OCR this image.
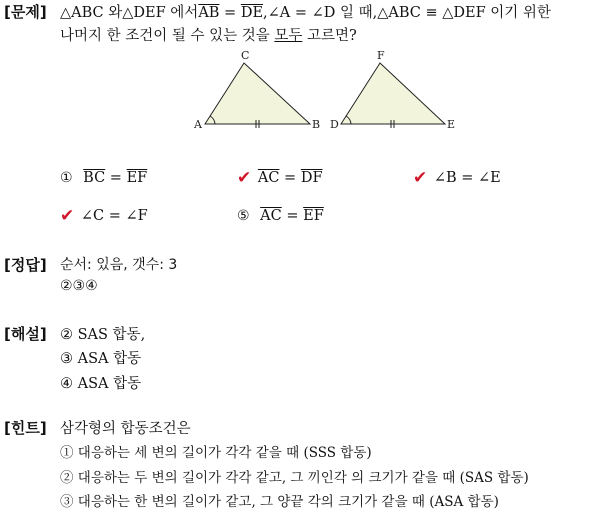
[문제] △ABC 와△DEF 에서$\overline{AB}$ = $\overline{DE},\angle A$ = ∠D 일 때,△ABC ≡ △DEF 이기 위한
나머지 한 조건이 될 수 있는 것을 모두 고르면?
A	B
C
D	E
F
① $\overline{BC} = \overline{EF}$	✔ $\overline{AC} = \overline{DF}$	✔ ∠B = ∠E
✔ ∠C = ∠F	⑤ $\overline{AC} = \overline{EF}$
[정답] 순서: 있음, 갯수: 3
②③④
[해설] ② SAS 합동,
③ ASA 합동
④ ASA 합동
[힌트] 삼각형의 합동조건은
① 대응하는 세 변의 길이가 각각 같을 때 (SSS 합동)
② 대응하는 두 변의 길이가 각각 같고, 그 끼인각 의 크기가 같을 때 (SAS 합동)
③ 대응하는 한 변의 길이가 같고, 그 양끝 각의 크기가 같을 때 (ASA 합동)
